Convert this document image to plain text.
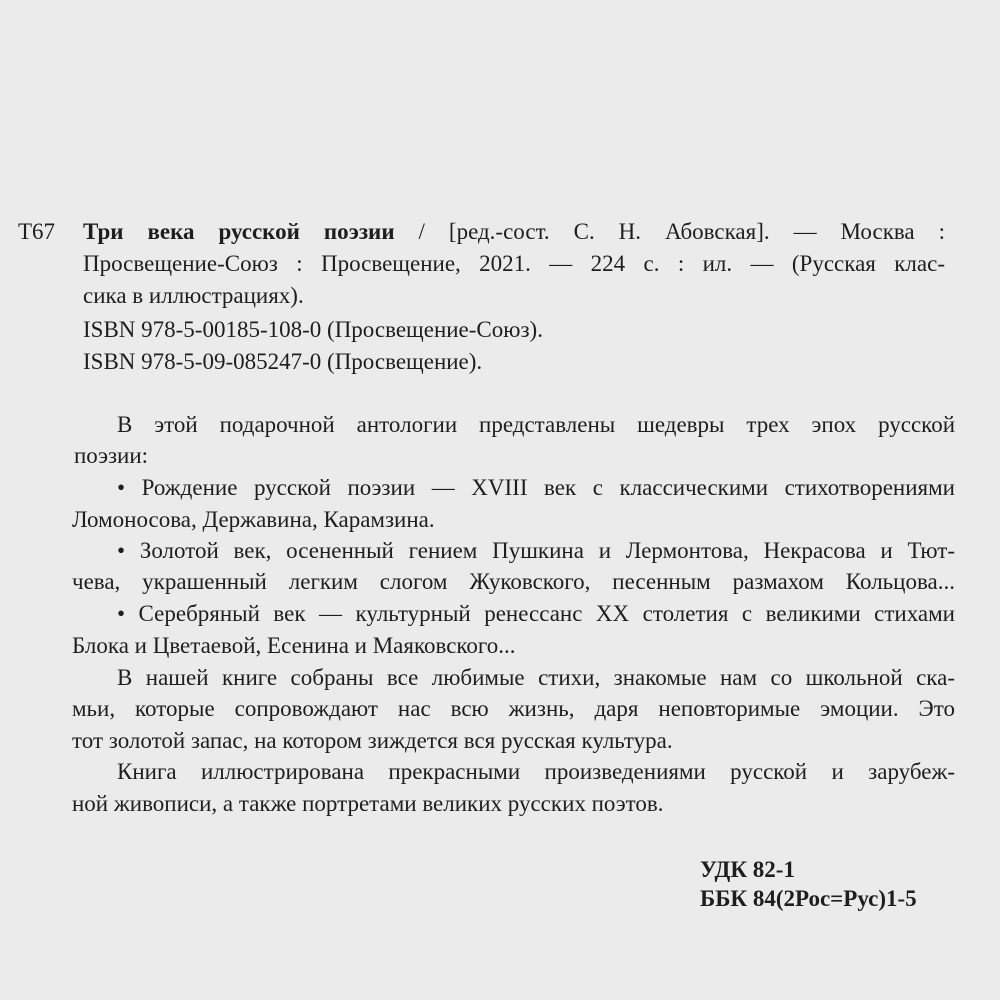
Т67 Три века русской поэзии / [ред.-сост. С. Н. Абовская]. — Москва :
Просвещение-Союз : Просвещение, 2021. — 224 с. : ил. — (Русская клас-
сика в иллюстрациях).
ISBN 978-5-00185-108-0 (Просвещение-Союз).
ISBN 978-5-09-085247-0 (Просвещение).
В этой подарочной антологии представлены шедевры трех эпох русской
поэзии:
• Рождение русской поэзии — XVIII век с классическими стихотворениями
Ломоносова, Державина, Карамзина.
• Золотой век, осененный гением Пушкина и Лермонтова, Некрасова и Тют-
чева, украшенный легким слогом Жуковского, песенным размахом Кольцова...
• Серебряный век — культурный ренессанс XX столетия с великими стихами
Блока и Цветаевой, Есенина и Маяковского...
В нашей книге собраны все любимые стихи, знакомые нам со школьной ска-
мьи, которые сопровождают нас всю жизнь, даря неповторимые эмоции. Это
тот золотой запас, на котором зиждется вся русская культура.
Книга иллюстрирована прекрасными произведениями русской и зарубеж-
ной живописи, а также портретами великих русских поэтов.
УДК 82-1
ББК 84(2Рос=Рус)1-5
